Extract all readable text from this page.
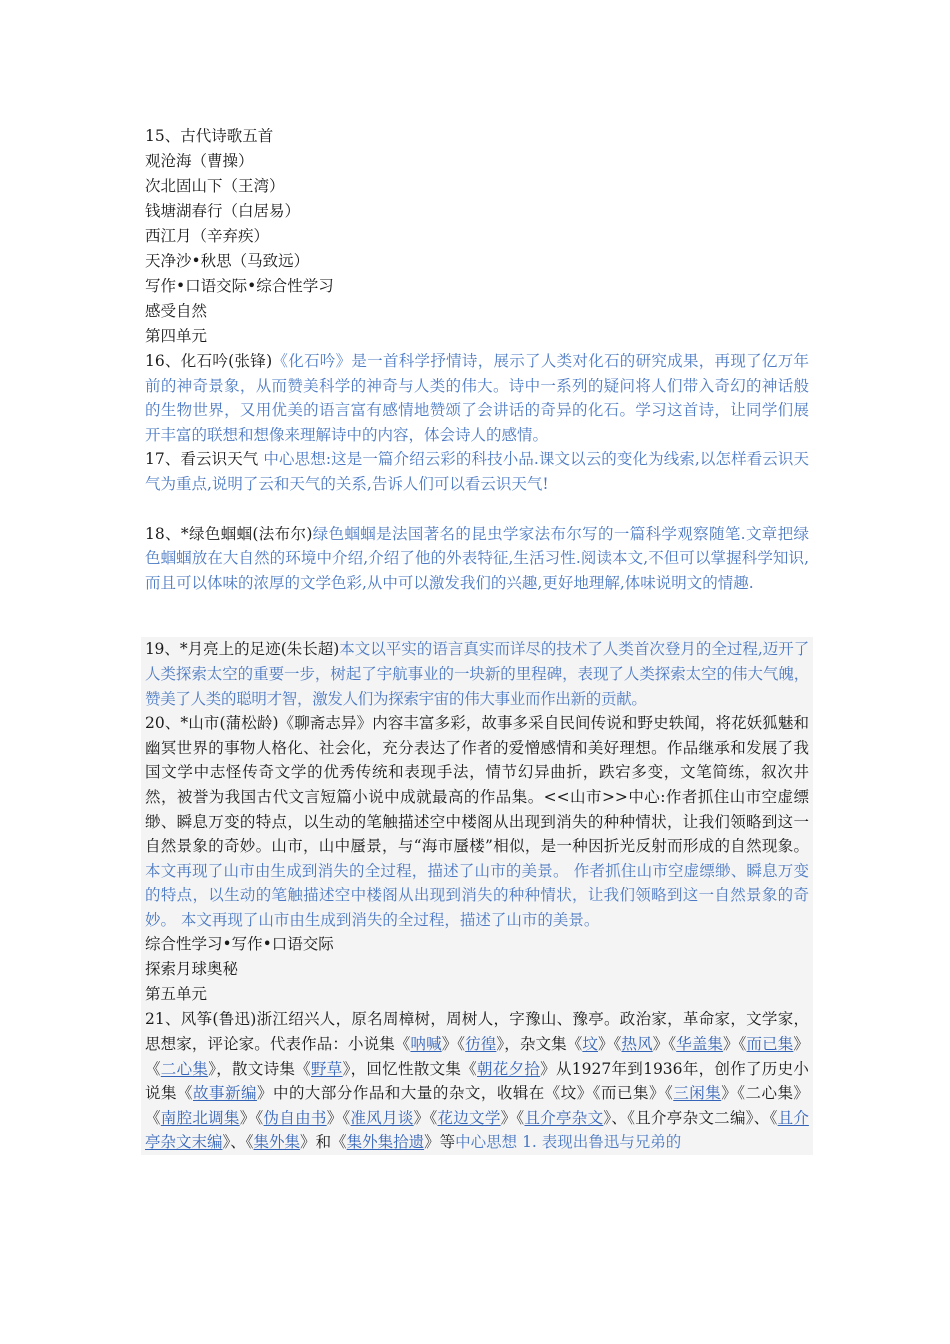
15、古代诗歌五首
观沧海（曹操）
次北固山下（王湾）
钱塘湖春行（白居易）
西江月（辛弃疾）
天净沙•秋思（马致远）
写作•口语交际•综合性学习
感受自然
第四单元
16、化石吟(张锋)《化石吟》是一首科学抒情诗，展示了人类对化石的研究成果，再现了亿万年前的神奇景象，从而赞美科学的神奇与人类的伟大。诗中一系列的疑问将人们带入奇幻的神话般的生物世界，又用优美的语言富有感情地赞颂了会讲话的奇异的化石。学习这首诗，让同学们展开丰富的联想和想像来理解诗中的内容，体会诗人的感情。
17、看云识天气 中心思想:这是一篇介绍云彩的科技小品.课文以云的变化为线索,以怎样看云识天气为重点,说明了云和天气的关系,告诉人们可以看云识天气!
18、*绿色蝈蝈(法布尔)绿色蝈蝈是法国著名的昆虫学家法布尔写的一篇科学观察随笔.文章把绿色蝈蝈放在大自然的环境中介绍,介绍了他的外表特征,生活习性.阅读本文,不但可以掌握科学知识,而且可以体味的浓厚的文学色彩,从中可以激发我们的兴趣,更好地理解,体味说明文的情趣.
19、*月亮上的足迹(朱长超)本文以平实的语言真实而详尽的技术了人类首次登月的全过程,迈开了人类探索太空的重要一步，树起了宇航事业的一块新的里程碑，表现了人类探索太空的伟大气魄，赞美了人类的聪明才智，激发人们为探索宇宙的伟大事业而作出新的贡献。
20、*山市(蒲松龄)《聊斋志异》内容丰富多彩，故事多采自民间传说和野史轶闻，将花妖狐魅和幽冥世界的事物人格化、社会化，充分表达了作者的爱憎感情和美好理想。作品继承和发展了我国文学中志怪传奇文学的优秀传统和表现手法，情节幻异曲折，跌宕多变，文笔简练，叙次井然，被誉为我国古代文言短篇小说中成就最高的作品集。<<山市>>中心:作者抓住山市空虚缥缈、瞬息万变的特点，以生动的笔触描述空中楼阁从出现到消失的种种情状，让我们领略到这一自然景象的奇妙。山市，山中蜃景，与“海市蜃楼”相似，是一种因折光反射而形成的自然现象。本文再现了山市由生成到消失的全过程，描述了山市的美景。 作者抓住山市空虚缥缈、瞬息万变的特点，以生动的笔触描述空中楼阁从出现到消失的种种情状，让我们领略到这一自然景象的奇妙。 本文再现了山市由生成到消失的全过程，描述了山市的美景。
综合性学习•写作•口语交际
探索月球奥秘
第五单元
21、风筝(鲁迅)浙江绍兴人，原名周樟树，周树人，字豫山、豫亭。政治家，革命家，文学家，思想家，评论家。代表作品：小说集《呐喊》《彷徨》，杂文集《坟》《热风》《华盖集》《而已集》《二心集》，散文诗集《野草》，回忆性散文集《朝花夕拾》从1927年到1936年，创作了历史小说集《故事新编》中的大部分作品和大量的杂文，收辑在《坟》《而已集》《三闲集》《二心集》《南腔北调集》《伪自由书》《准风月谈》《花边文学》《且介亭杂文》、《且介亭杂文二编》、《且介亭杂文末编》、《集外集》和《集外集拾遗》等中心思想 1. 表现出鲁迅与兄弟的
